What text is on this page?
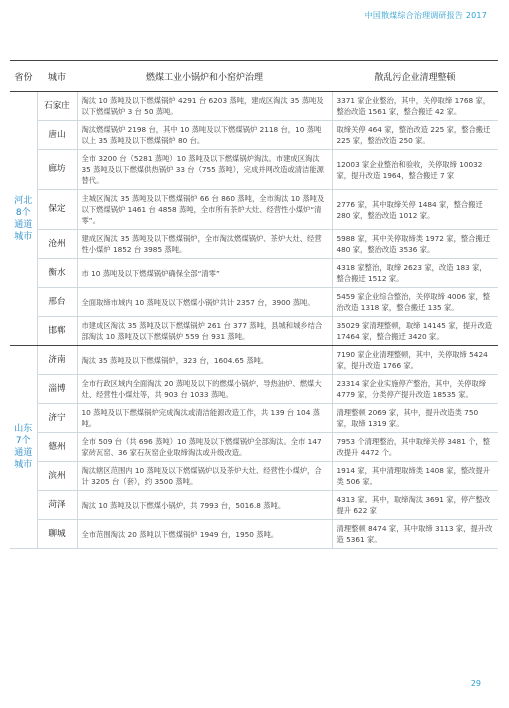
中国散煤综合治理调研报告 2017
省份	城市	燃煤工业小锅炉和小窑炉治理	散乱污企业清理整顿
河北8个通道城市	石家庄	淘汰 10 蒸吨及以下燃煤锅炉 4291 台 6203 蒸吨，建成区淘汰 35 蒸吨及以下燃煤锅炉 3 台 50 蒸吨。	3371 家企业整治，其中，关停取缔 1768 家，整治改造 1561 家，整合搬迁 42 家。
	唐山	淘汰燃煤锅炉 2198 台，其中 10 蒸吨及以下燃煤锅炉 2118 台，10 蒸吨以上 35 蒸吨及以下燃煤锅炉 80 台。	取缔关停 464 家，整治改造 225 家，整合搬迁 225 家，整治改造 250 家。
	廊坊	全市 3200 台（5281 蒸吨）10 蒸吨及以下燃煤锅炉淘汰。市建成区淘汰 35 蒸吨及以下燃煤供热锅炉 33 台（755 蒸吨），完成并网改造或清洁能源替代。	12003 家企业整治和验收，关停取缔 10032 家，提升改造 1964，整合搬迁 7 家
	保定	主城区淘汰 35 蒸吨及以下燃煤锅炉 66 台 860 蒸吨，全市淘汰 10 蒸吨及以下燃煤锅炉 1461 台 4858 蒸吨，全市所有茶炉大灶、经营性小煤炉“清零”。	2776 家，其中取缔关停 1484 家，整合搬迁 280 家，整治改造 1012 家。
	沧州	建成区淘汰 35 蒸吨及以下燃煤锅炉，全市淘汰燃煤锅炉、茶炉大灶、经营性小煤炉 1852 台 3985 蒸吨。	5988 家，其中关停取缔类 1972 家，整合搬迁 480 家，整治改造 3536 家。
	衡水	市 10 蒸吨及以下燃煤锅炉确保全部“清零”	4318 家整治，取缔 2623 家，改造 183 家，整合搬迁 1512 家。
	邢台	全面取缔市域内 10 蒸吨及以下燃煤小锅炉共计 2357 台，3900 蒸吨。	5459 家企业综合整治，关停取缔 4006 家，整治改造 1318 家，整合搬迁 135 家。
	邯郸	市建成区淘汰 35 蒸吨及以下燃煤锅炉 261 台 377 蒸吨，县城和城乡结合部淘汰 10 蒸吨及以下燃煤锅炉 559 台 931 蒸吨。	35029 家清理整顿，取缔 14145 家，提升改造 17464 家，整合搬迁 3420 家。
山东7个通道城市	济南	淘汰 35 蒸吨及以下燃煤锅炉，323 台，1604.65 蒸吨。	7190 家企业清理整顿，其中，关停取缔 5424 家，提升改造 1766 家。
	淄博	全市行政区域内全面淘汰 20 蒸吨及以下的燃煤小锅炉、导热油炉、燃煤大灶、经营性小煤灶等，共 903 台 1033 蒸吨。	23314 家企业实施停产整治，其中，关停取缔 4779 家，分类停产提升改造 18535 家。
	济宁	10 蒸吨及以下燃煤锅炉完成淘汰或清洁能源改造工作，共 139 台 104 蒸吨。	清理整顿 2069 家，其中，提升改造类 750 家，取缔 1319 家。
	德州	全市 509 台（共 696 蒸吨）10 蒸吨及以下燃煤锅炉全部淘汰。全市 147 家砖瓦窑、36 家石灰窑企业取缔淘汰或升级改造。	7953 个清理整治，其中取缔关停 3481 个，整改提升 4472 个。
	滨州	淘汰辖区范围内 10 蒸吨及以下燃煤锅炉以及茶炉大灶、经营性小煤炉，合计 3205 台（套），约 3500 蒸吨。	1914 家，其中清理取缔类 1408 家，整改提升类 506 家。
	菏泽	淘汰 10 蒸吨及以下燃煤小锅炉，共 7993 台，5016.8 蒸吨。	4313 家。其中，取缔淘汰 3691 家，停产整改提升 622 家
	聊城	全市范围淘汰 20 蒸吨以下燃煤锅炉 1949 台，1950 蒸吨。	清理整顿 8474 家，其中取缔 3113 家，提升改造 5361 家。
29
